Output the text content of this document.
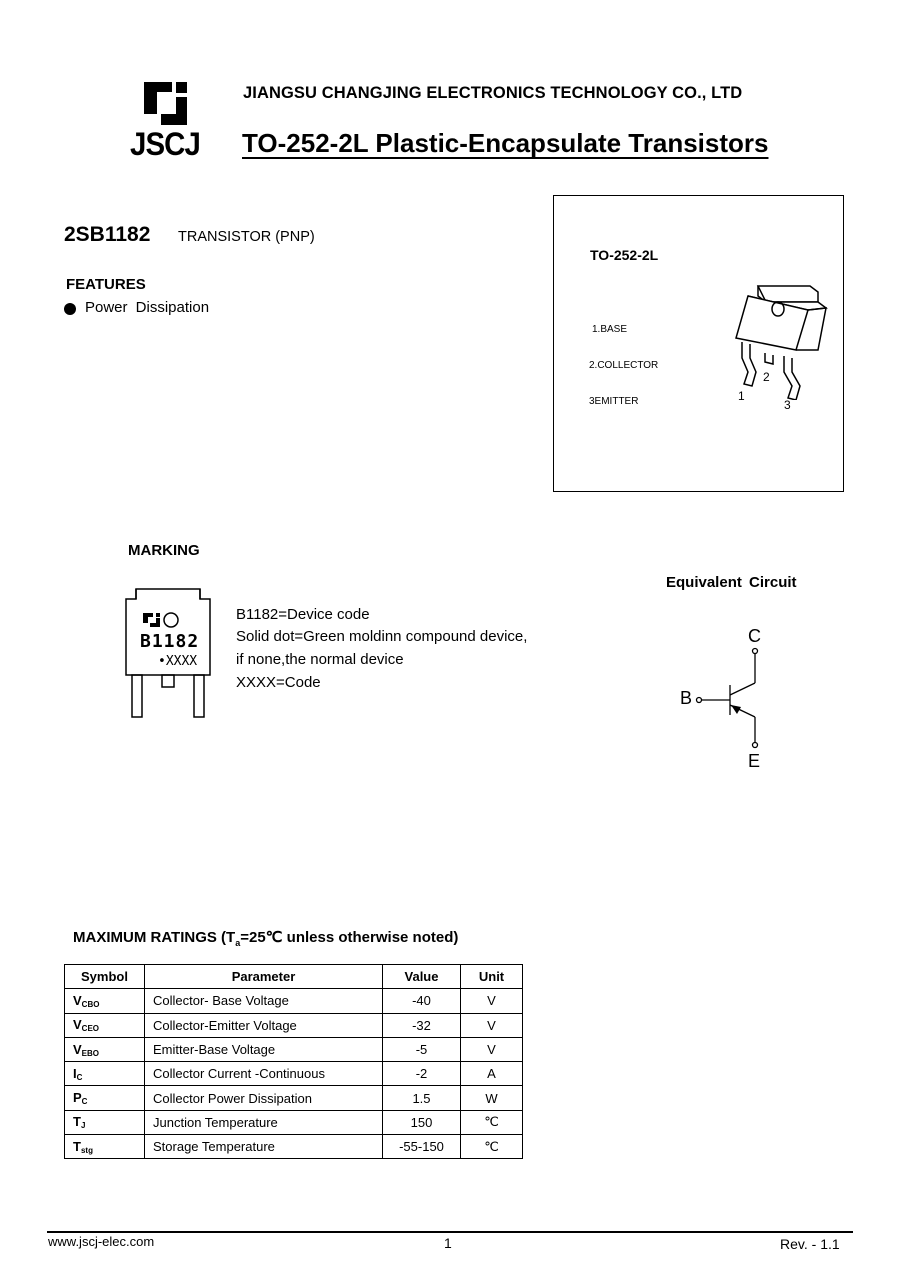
JSCJ
JIANGSU CHANGJING ELECTRONICS TECHNOLOGY CO., LTD
TO-252-2L Plastic-Encapsulate Transistors
2SB1182 TRANSISTOR (PNP)
FEATURES
Power Dissipation
TO-252-2L
1.BASE
2.COLLECTOR
3EMITTER	1
2
3
MARKING
B1182
•XXXX
B1182=Device code
Solid dot=Green moldinn compound device,
if none,the normal device
XXXX=Code
Equivalent Circuit
C
B
E
MAXIMUM RATINGS ($T_a=25℃$ unless otherwise noted)
Symbol	Parameter	Value	Unit
$V_{CBO}$	Collector- Base Voltage	-40	V
$V_{CEO}$	Collector-Emitter Voltage	-32	V
$V_{EBO}$	Emitter-Base Voltage	-5	V
$I_C$	Collector Current -Continuous	-2	A
$P_C$	Collector Power Dissipation	1.5	W
$T_J$	Junction Temperature	150	℃
$T_{stg}$	Storage Temperature	-55-150	℃
www.jscj-elec.com	1	Rev. - 1.1
